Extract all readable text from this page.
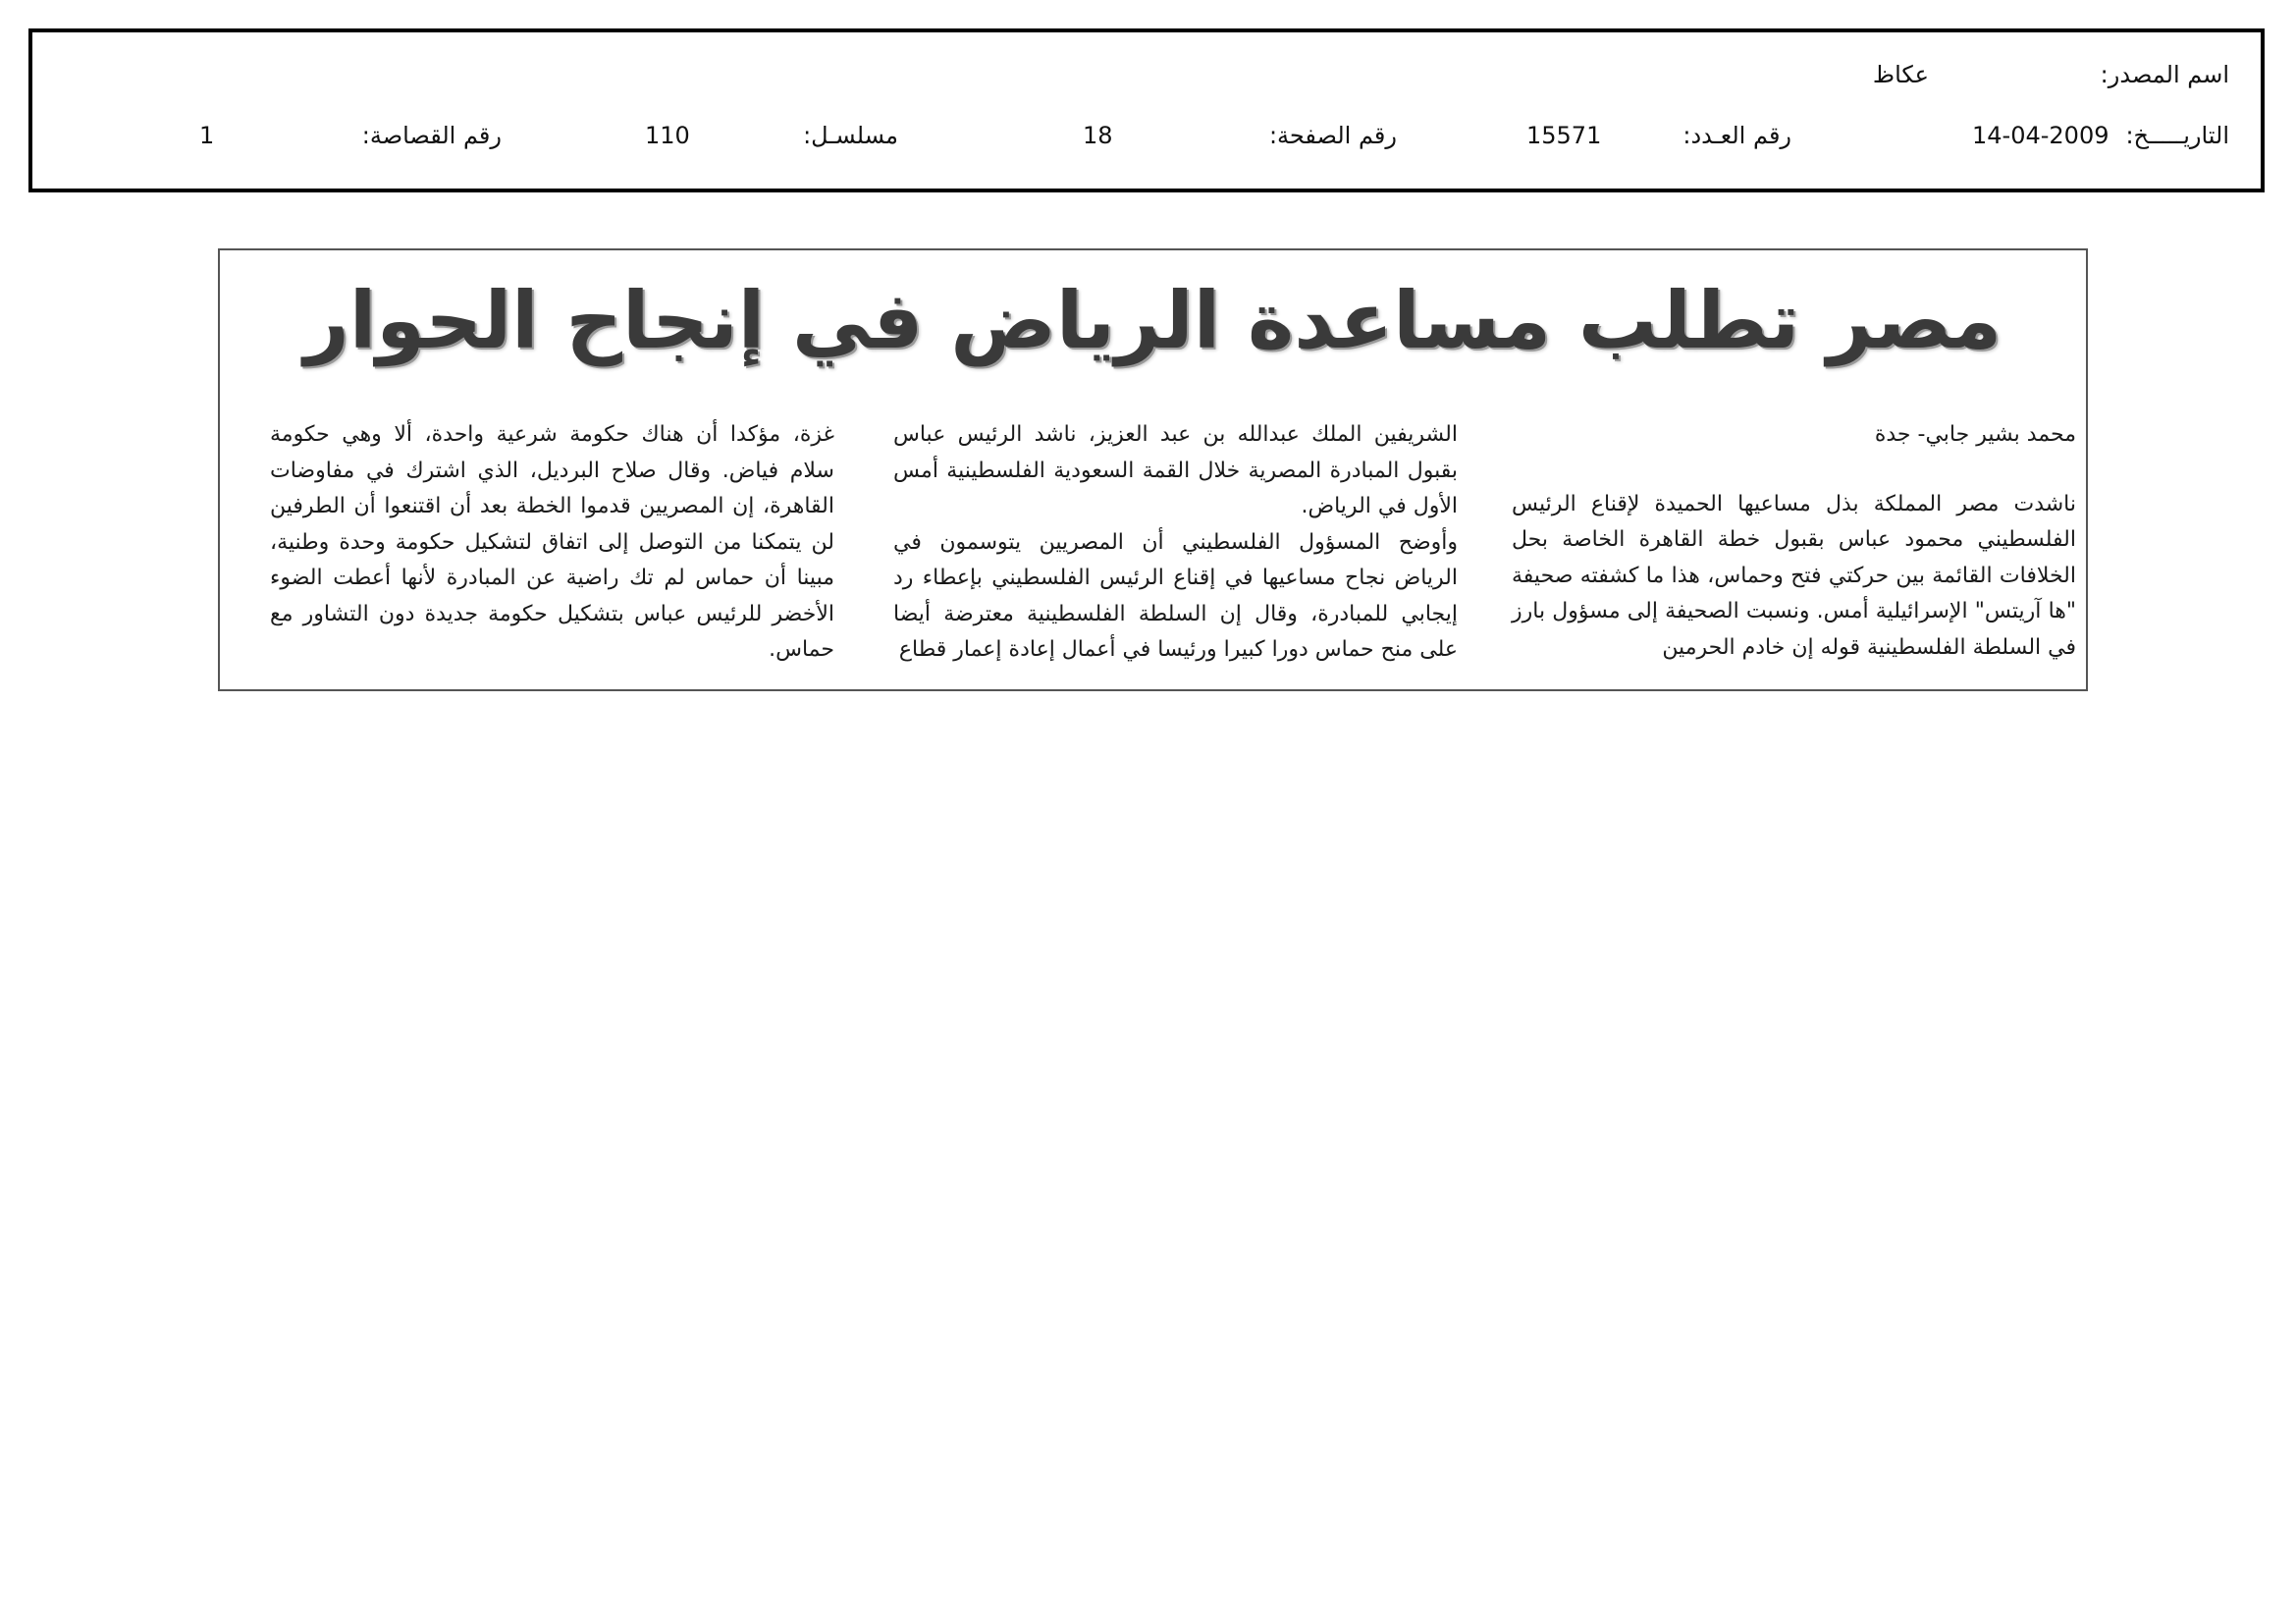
اسم المصدر:
عكاظ
التاريـــــخ:
14-04-2009
رقم العـدد:
15571
رقم الصفحة:
18
مسلسـل:
110
رقم القصاصة:
1
مصر تطلب مساعدة الرياض في إنجاح الحوار

محمد بشير جابي- جدة

ناشدت مصر المملكة بذل مساعيها الحميدة لإقناع الرئيس الفلسطيني محمود عباس بقبول خطة القاهرة الخاصة بحل الخلافات القائمة بين حركتي فتح وحماس، هذا ما كشفته صحيفة "ها آريتس" الإسرائيلية أمس. ونسبت الصحيفة إلى مسؤول بارز في السلطة الفلسطينية قوله إن خادم الحرمين

الشريفين الملك عبدالله بن عبد العزيز، ناشد الرئيس عباس بقبول المبادرة المصرية خلال القمة السعودية الفلسطينية أمس الأول في الرياض.

وأوضح المسؤول الفلسطيني أن المصريين يتوسمون في الرياض نجاح مساعيها في إقناع الرئيس الفلسطيني بإعطاء رد إيجابي للمبادرة، وقال إن السلطة الفلسطينية معترضة أيضا على منح حماس دورا كبيرا ورئيسا في أعمال إعادة إعمار قطاع

غزة، مؤكدا أن هناك حكومة شرعية واحدة، ألا وهي حكومة سلام فياض. وقال صلاح البرديل، الذي اشترك في مفاوضات القاهرة، إن المصريين قدموا الخطة بعد أن اقتنعوا أن الطرفين لن يتمكنا من التوصل إلى اتفاق لتشكيل حكومة وحدة وطنية، مبينا أن حماس لم تك راضية عن المبادرة لأنها أعطت الضوء الأخضر للرئيس عباس بتشكيل حكومة جديدة دون التشاور مع حماس.
